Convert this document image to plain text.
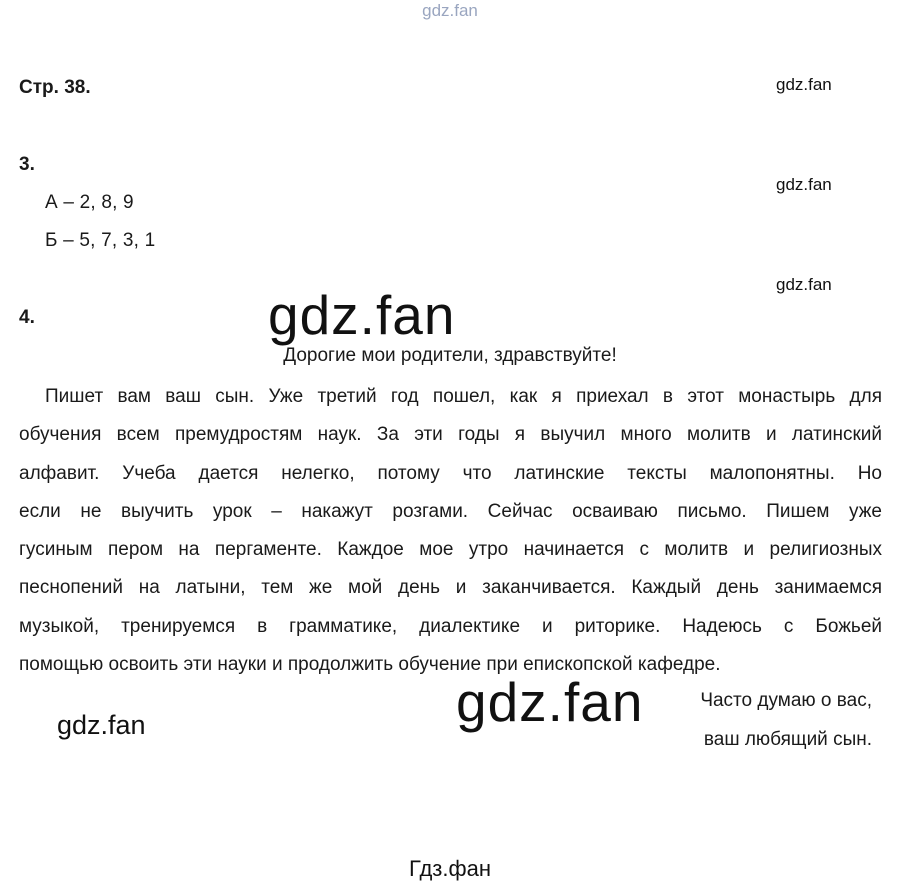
gdz.fan
Стр. 38.	gdz.fan
3.
gdz.fan
А – 2, 8, 9
Б – 5, 7, 3, 1
gdz.fan
4.	gdz.fan
Дорогие мои родители, здравствуйте!
Пишет вам ваш сын. Уже третий год пошел, как я приехал в этот монастырь для
обучения всем премудростям наук. За эти годы я выучил много молитв и латинский
алфавит. Учеба дается нелегко, потому что латинские тексты малопонятны. Но
если не выучить урок – накажут розгами. Сейчас осваиваю письмо. Пишем уже
гусиным пером на пергаменте. Каждое мое утро начинается с молитв и религиозных
песнопений на латыни, тем же мой день и заканчивается. Каждый день занимаемся
музыкой, тренируемся в грамматике, диалектике и риторике. Надеюсь с Божьей
помощью освоить эти науки и продолжить обучение при епископской кафедре.
gdz.fan	Часто думаю о вас,
ваш любящий сын.
gdz.fan
Гдз.фан
